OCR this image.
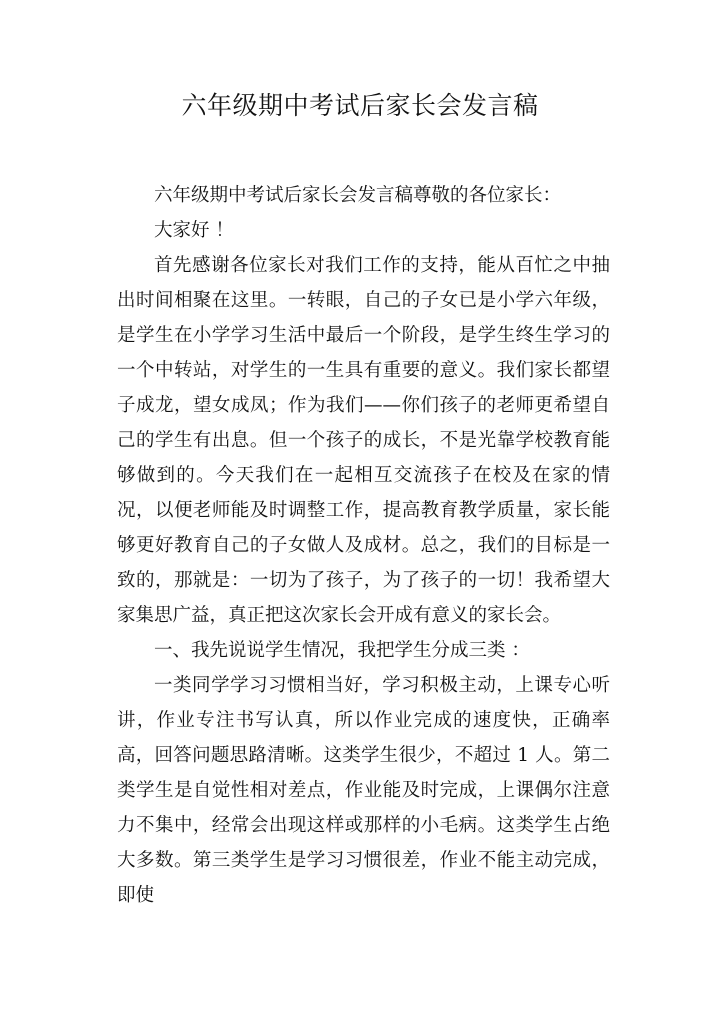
六年级期中考试后家长会发言稿

六年级期中考试后家长会发言稿尊敬的各位家长：

大家好 ！

首先感谢各位家长对我们工作的支持，能从百忙之中抽出时间相聚在这里。一转眼，自己的子女已是小学六年级，是学生在小学学习生活中最后一个阶段，是学生终生学习的一个中转站，对学生的一生具有重要的意义。我们家长都望子成龙，望女成凤；作为我们——你们孩子的老师更希望自己的学生有出息。但一个孩子的成长，不是光靠学校教育能够做到的。今天我们在一起相互交流孩子在校及在家的情况，以便老师能及时调整工作，提高教育教学质量，家长能够更好教育自己的子女做人及成材。总之，我们的目标是一致的，那就是：一切为了孩子，为了孩子的一切！我希望大家集思广益，真正把这次家长会开成有意义的家长会。

一、我先说说学生情况，我把学生分成三类 ：

一类同学学习习惯相当好，学习积极主动，上课专心听讲，作业专注书写认真，所以作业完成的速度快，正确率高，回答问题思路清晰。这类学生很少，不超过 1 人。第二类学生是自觉性相对差点，作业能及时完成，上课偶尔注意力不集中，经常会出现这样或那样的小毛病。这类学生占绝大多数。第三类学生是学习习惯很差，作业不能主动完成，即使
